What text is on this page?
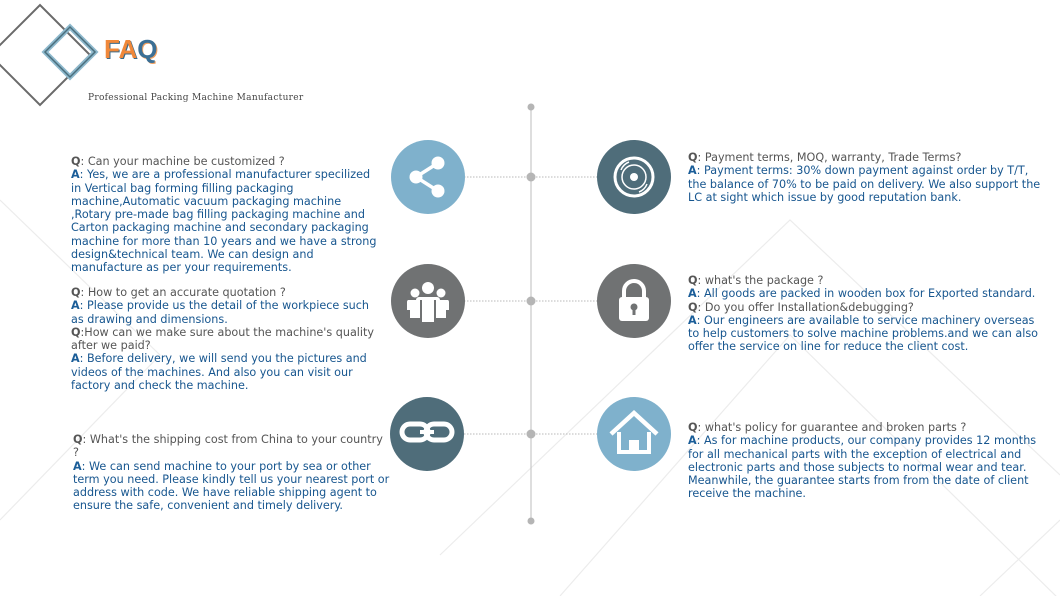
FAQ
Professional Packing Machine Manufacturer

Q: Can your machine be customized ?

A: Yes, we are a professional manufacturer specilized in Vertical bag forming filling packaging machine,Automatic vacuum packaging machine ,Rotary pre-made bag filling packaging machine and Carton packaging machine and secondary packaging machine for more than 10 years and we have a strong design&technical team. We can design and manufacture as per your requirements.

Q: How to get an accurate quotation ?

A: Please provide us the detail of the workpiece such as drawing and dimensions.

Q:How can we make sure about the machine's quality after we paid?

A: Before delivery, we will send you the pictures and videos of the machines. And also you can visit our factory and check the machine.

Q: What's the shipping cost from China to your country ?

A: We can send machine to your port by sea or other term you need. Please kindly tell us your nearest port or address with code. We have reliable shipping agent to ensure the safe, convenient and timely delivery.

Q: Payment terms, MOQ, warranty, Trade Terms?

A: Payment terms: 30% down payment against order by T/T, the balance of 70% to be paid on delivery. We also support the LC at sight which issue by good reputation bank.

Q: what's the package ?

A: All goods are packed in wooden box for Exported standard.

Q: Do you offer Installation&debugging?

A: Our engineers are available to service machinery overseas to help customers to solve machine problems.and we can also offer the service on line for reduce the client cost.

Q: what's policy for guarantee and broken parts ?

A: As for machine products, our company provides 12 months for all mechanical parts with the exception of electrical and electronic parts and those subjects to normal wear and tear. Meanwhile, the guarantee starts from from the date of client receive the machine.
